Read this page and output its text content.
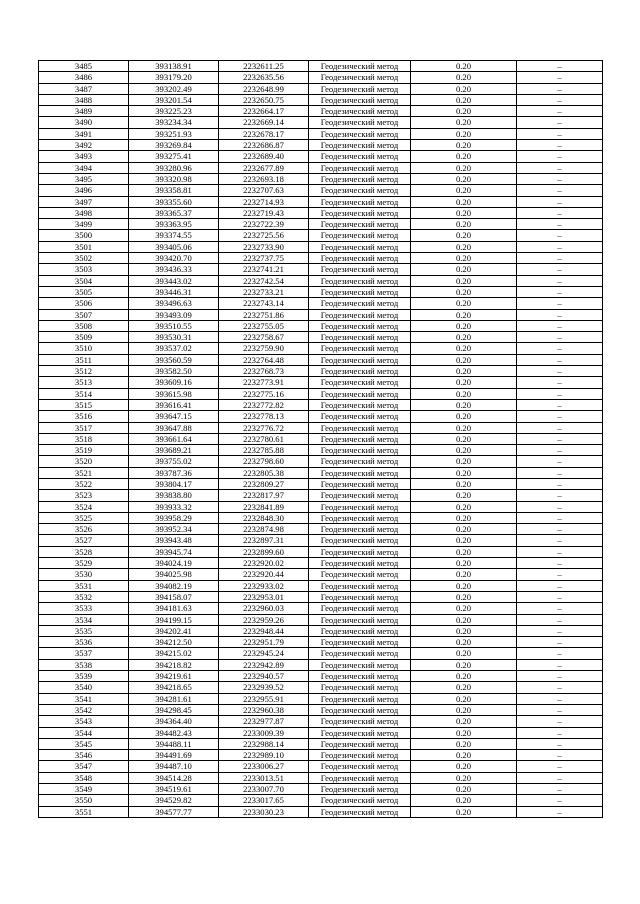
3485	393138.91	2232611.25	Геодезический метод	0.20	–
3486	393179.20	2232635.56	Геодезический метод	0.20	–
3487	393202.49	2232648.99	Геодезический метод	0.20	–
3488	393201.54	2232650.75	Геодезический метод	0.20	–
3489	393225.23	2232664.17	Геодезический метод	0.20	–
3490	393234.34	2232669.14	Геодезический метод	0.20	–
3491	393251.93	2232678.17	Геодезический метод	0.20	–
3492	393269.84	2232686.87	Геодезический метод	0.20	–
3493	393275.41	2232689.40	Геодезический метод	0.20	–
3494	393280.96	2232677.89	Геодезический метод	0.20	–
3495	393320.98	2232693.18	Геодезический метод	0.20	–
3496	393358.81	2232707.63	Геодезический метод	0.20	–
3497	393355.60	2232714.93	Геодезический метод	0.20	–
3498	393365.37	2232719.43	Геодезический метод	0.20	–
3499	393363.95	2232722.39	Геодезический метод	0.20	–
3500	393374.55	2232725.56	Геодезический метод	0.20	–
3501	393405.06	2232733.90	Геодезический метод	0.20	–
3502	393420.70	2232737.75	Геодезический метод	0.20	–
3503	393436.33	2232741.21	Геодезический метод	0.20	–
3504	393443.02	2232742.54	Геодезический метод	0.20	–
3505	393446.31	2232733.21	Геодезический метод	0.20	–
3506	393496.63	2232743.14	Геодезический метод	0.20	–
3507	393493.09	2232751.86	Геодезический метод	0.20	–
3508	393510.55	2232755.05	Геодезический метод	0.20	–
3509	393530.31	2232758.67	Геодезический метод	0.20	–
3510	393537.02	2232759.90	Геодезический метод	0.20	–
3511	393560.59	2232764.48	Геодезический метод	0.20	–
3512	393582.50	2232768.73	Геодезический метод	0.20	–
3513	393609.16	2232773.91	Геодезический метод	0.20	–
3514	393615.98	2232775.16	Геодезический метод	0.20	–
3515	393616.41	2232772.82	Геодезический метод	0.20	–
3516	393647.15	2232778.13	Геодезический метод	0.20	–
3517	393647.88	2232776.72	Геодезический метод	0.20	–
3518	393661.64	2232780.61	Геодезический метод	0.20	–
3519	393689.21	2232785.88	Геодезический метод	0.20	–
3520	393755.02	2232798.60	Геодезический метод	0.20	–
3521	393787.36	2232805.38	Геодезический метод	0.20	–
3522	393804.17	2232809.27	Геодезический метод	0.20	–
3523	393838.80	2232817.97	Геодезический метод	0.20	–
3524	393933.32	2232841.89	Геодезический метод	0.20	–
3525	393958.29	2232848.30	Геодезический метод	0.20	–
3526	393952.34	2232874.98	Геодезический метод	0.20	–
3527	393943.48	2232897.31	Геодезический метод	0.20	–
3528	393945.74	2232899.60	Геодезический метод	0.20	–
3529	394024.19	2232920.02	Геодезический метод	0.20	–
3530	394025.98	2232920.44	Геодезический метод	0.20	–
3531	394082.19	2232933.02	Геодезический метод	0.20	–
3532	394158.07	2232953.01	Геодезический метод	0.20	–
3533	394181.63	2232960.03	Геодезический метод	0.20	–
3534	394199.15	2232959.26	Геодезический метод	0.20	–
3535	394202.41	2232948.44	Геодезический метод	0.20	–
3536	394212.50	2232951.79	Геодезический метод	0.20	–
3537	394215.02	2232945.24	Геодезический метод	0.20	–
3538	394218.82	2232942.89	Геодезический метод	0.20	–
3539	394219.61	2232940.57	Геодезический метод	0.20	–
3540	394218.65	2232939.52	Геодезический метод	0.20	–
3541	394281.61	2232955.91	Геодезический метод	0.20	–
3542	394298.45	2232960.38	Геодезический метод	0.20	–
3543	394364.40	2232977.87	Геодезический метод	0.20	–
3544	394482.43	2233009.39	Геодезический метод	0.20	–
3545	394488.11	2232988.14	Геодезический метод	0.20	–
3546	394491.69	2232989.10	Геодезический метод	0.20	–
3547	394487.10	2233006.27	Геодезический метод	0.20	–
3548	394514.28	2233013.51	Геодезический метод	0.20	–
3549	394519.61	2233007.70	Геодезический метод	0.20	–
3550	394529.82	2233017.65	Геодезический метод	0.20	–
3551	394577.77	2233030.23	Геодезический метод	0.20	–
